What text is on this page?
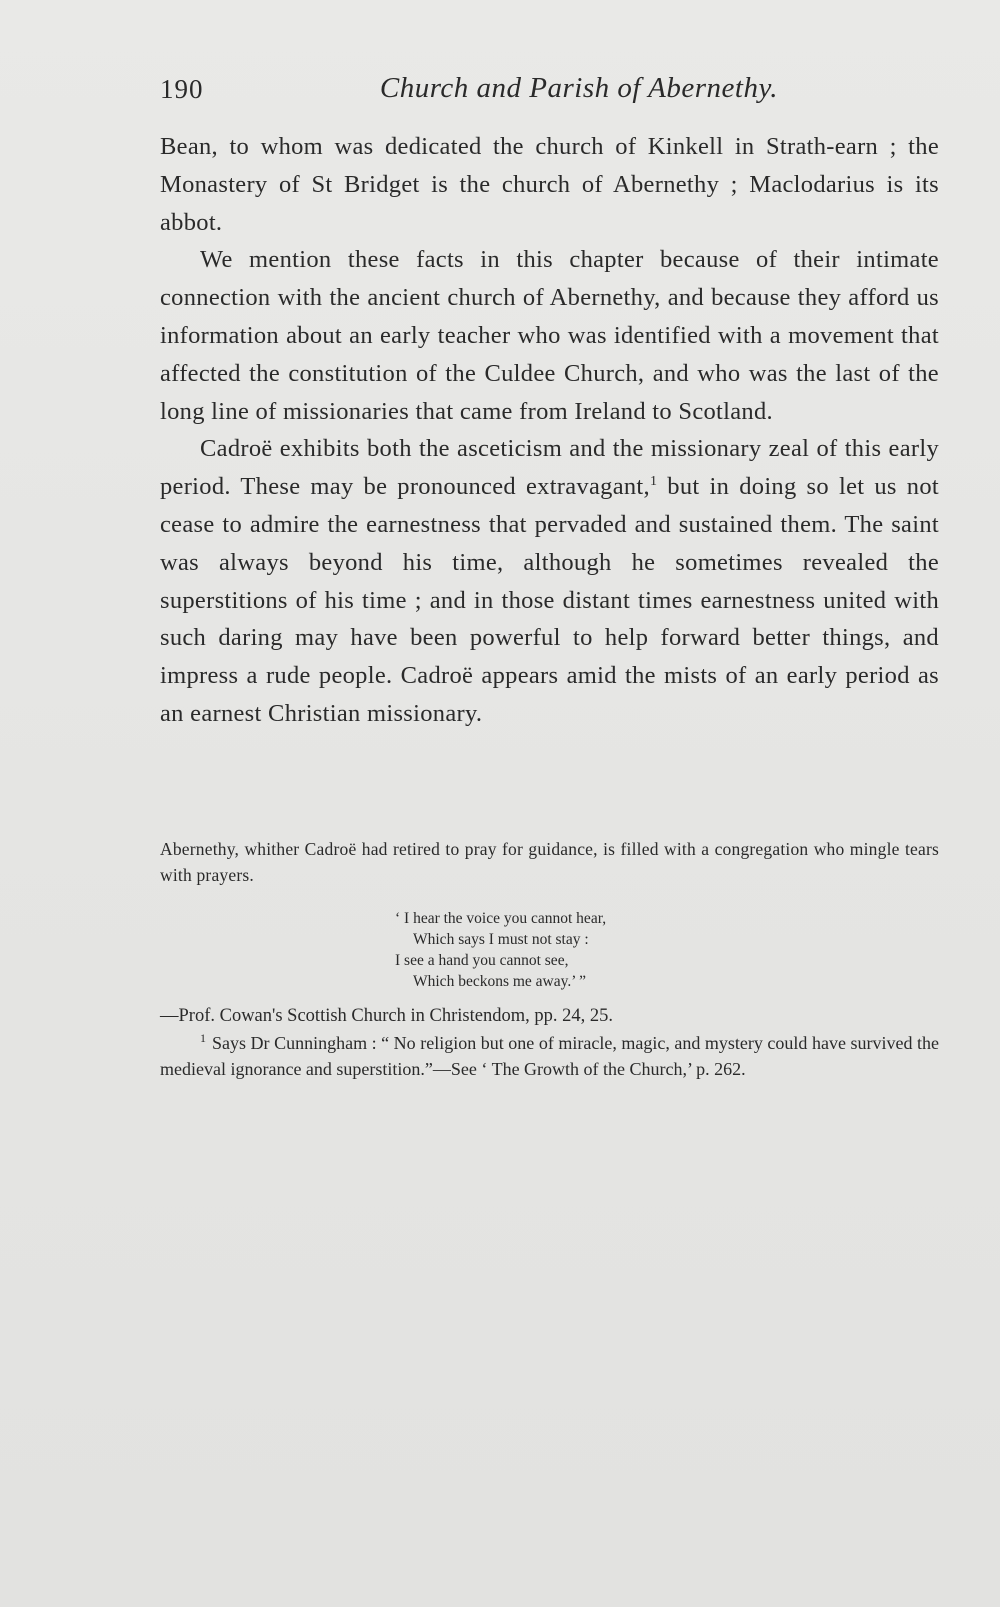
190	Church and Parish of Abernethy.

Bean, to whom was dedicated the church of Kinkell in Strath-earn ; the Monastery of St Bridget is the church of Abernethy ; Maclodarius is its abbot.

We mention these facts in this chapter because of their intimate connection with the ancient church of Abernethy, and because they afford us information about an early teacher who was identified with a movement that affected the constitution of the Culdee Church, and who was the last of the long line of missionaries that came from Ireland to Scotland.

Cadroë exhibits both the asceticism and the missionary zeal of this early period. These may be pronounced extravagant,$^1$ but in doing so let us not cease to admire the earnestness that pervaded and sustained them. The saint was always beyond his time, although he sometimes revealed the superstitions of his time ; and in those distant times earnestness united with such daring may have been powerful to help forward better things, and impress a rude people. Cadroë appears amid the mists of an early period as an earnest Christian missionary.

Abernethy, whither Cadroë had retired to pray for guidance, is filled with a congregation who mingle tears with prayers.

‘ I hear the voice you cannot hear,
Which says I must not stay :
I see a hand you cannot see,
Which beckons me away.’ ”

—Prof. Cowan's Scottish Church in Christendom, pp. 24, 25.

$^1$ Says Dr Cunningham : “ No religion but one of miracle, magic, and mystery could have survived the medieval ignorance and superstition.”—See ‘ The Growth of the Church,’ p. 262.
